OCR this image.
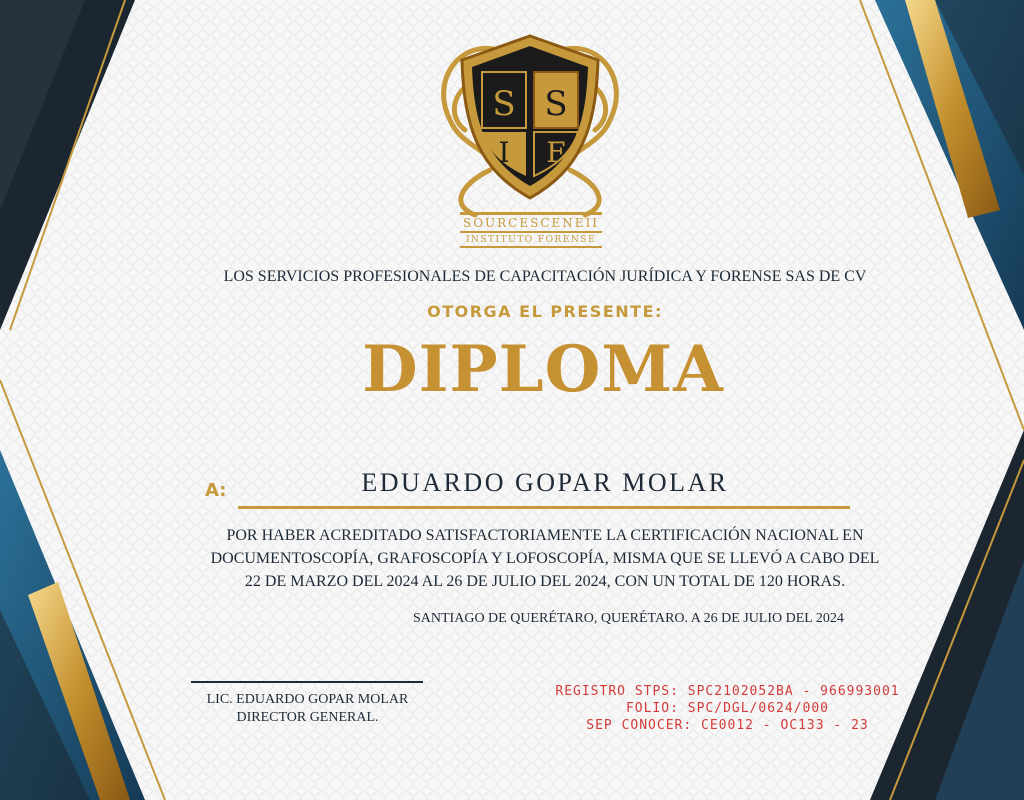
S S
I F
SOURCESCENEII
INSTITUTO FORENSE
LOS SERVICIOS PROFESIONALES DE CAPACITACIÓN JURÍDICA Y FORENSE SAS DE CV
OTORGA EL PRESENTE:
DIPLOMA
A:	EDUARDO GOPAR MOLAR
POR HABER ACREDITADO SATISFACTORIAMENTE LA CERTIFICACIÓN NACIONAL EN
DOCUMENTOSCOPÍA, GRAFOSCOPÍA Y LOFOSCOPÍA, MISMA QUE SE LLEVÓ A CABO DEL
22 DE MARZO DEL 2024 AL 26 DE JULIO DEL 2024, CON UN TOTAL DE 120 HORAS.
SANTIAGO DE QUERÉTARO, QUERÉTARO. A 26 DE JULIO DEL 2024
LIC. EDUARDO GOPAR MOLAR
DIRECTOR GENERAL.
REGISTRO STPS: SPC2102052BA - 966993001
FOLIO: SPC/DGL/0624/000
SEP CONOCER: CE0012 - OC133 - 23
